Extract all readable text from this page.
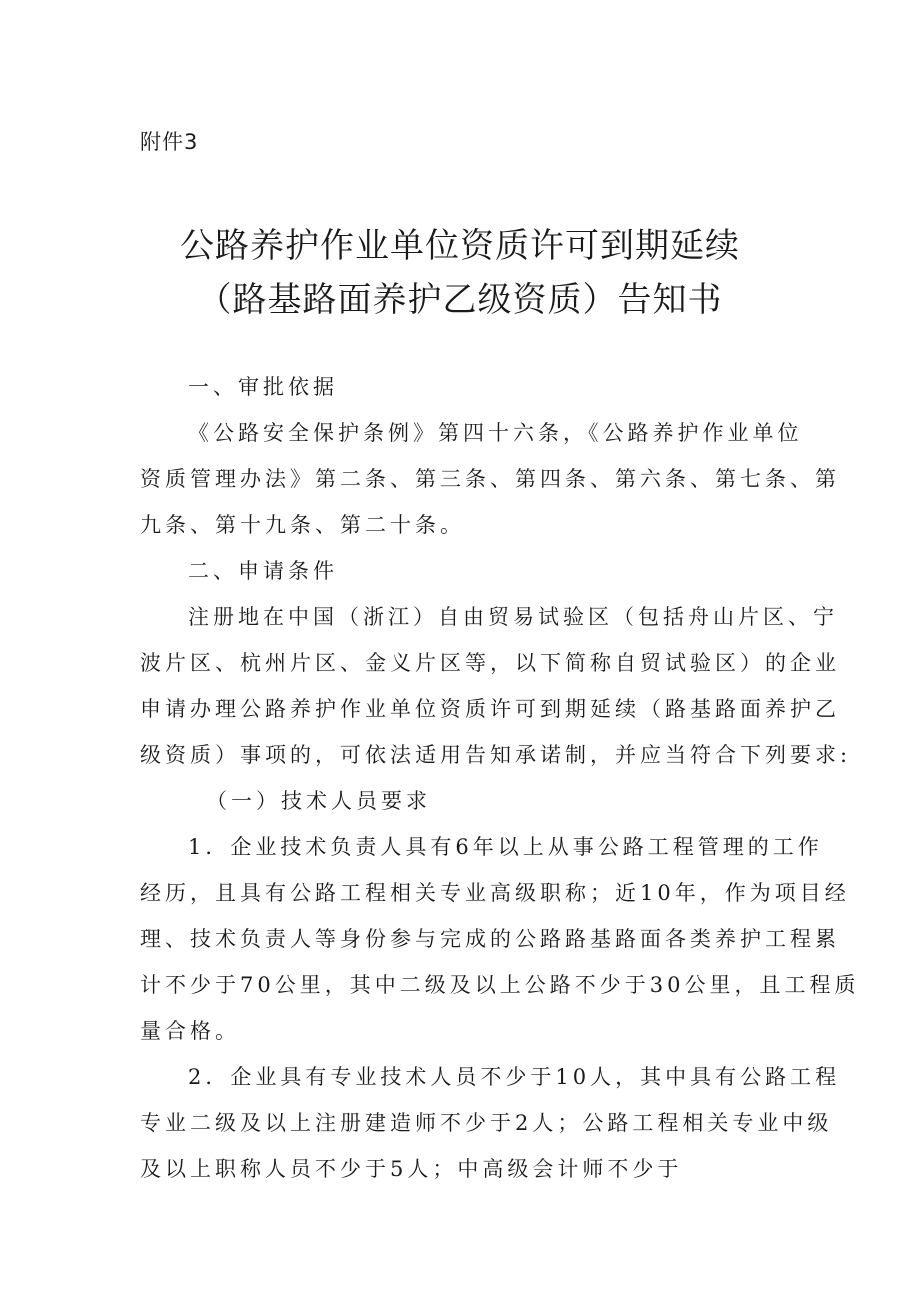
附件3
公路养护作业单位资质许可到期延续
（路基路面养护乙级资质）告知书
一、审批依据
《公路安全保护条例》第四十六条，《公路养护作业单位
资质管理办法》第二条、第三条、第四条、第六条、第七条、第
九条、第十九条、第二十条。
二、申请条件
注册地在中国（浙江）自由贸易试验区（包括舟山片区、宁
波片区、杭州片区、金义片区等，以下简称自贸试验区）的企业
申请办理公路养护作业单位资质许可到期延续（路基路面养护乙
级资质）事项的，可依法适用告知承诺制，并应当符合下列要求:
（一）技术人员要求
1．企业技术负责人具有6年以上从事公路工程管理的工作
经历，且具有公路工程相关专业高级职称；近10年，作为项目经
理、技术负责人等身份参与完成的公路路基路面各类养护工程累
计不少于70公里，其中二级及以上公路不少于30公里，且工程质
量合格。
2．企业具有专业技术人员不少于10人，其中具有公路工程
专业二级及以上注册建造师不少于2人；公路工程相关专业中级
及以上职称人员不少于5人；中高级会计师不少于
